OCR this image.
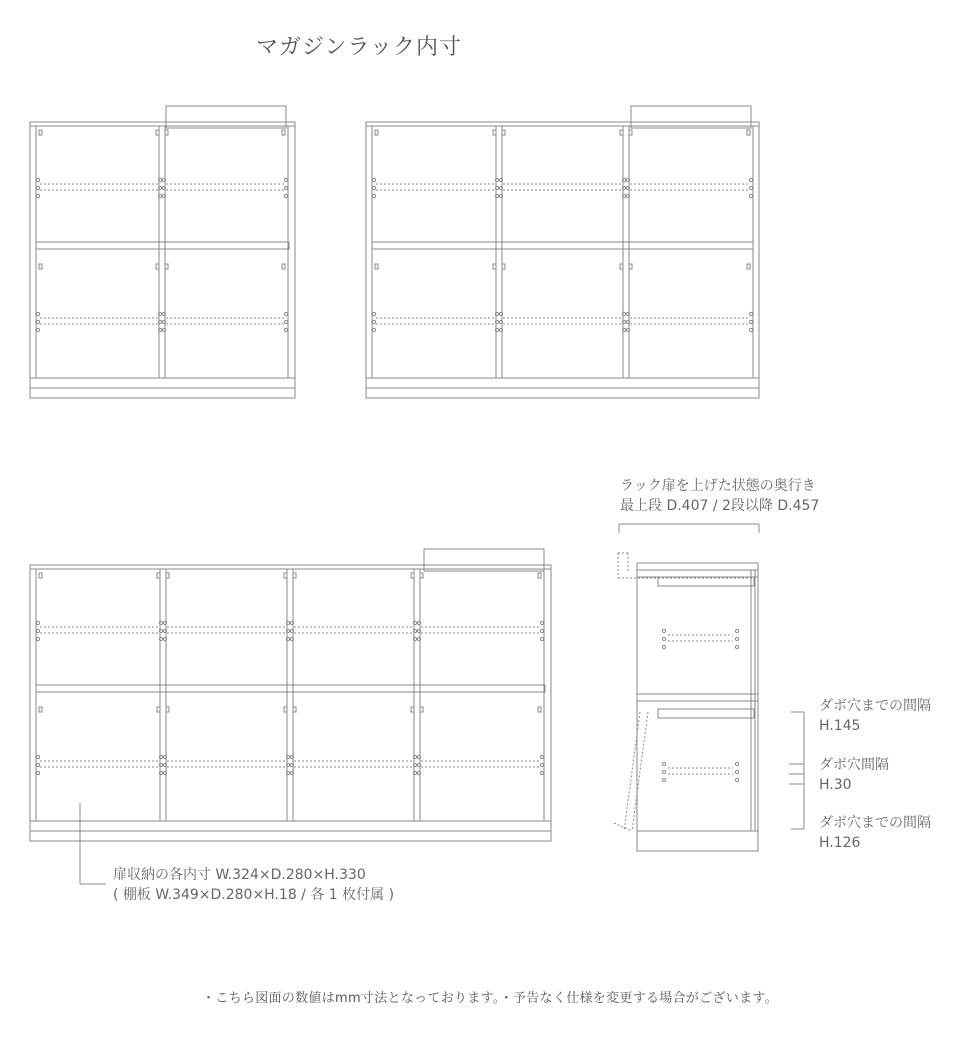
マガジンラック内寸
ラック扉を上げた状態の奥行き
最上段 D.407 / 2段以降 D.457
ダボ穴までの間隔
H.145
ダボ穴間隔
H.30
ダボ穴までの間隔
H.126
扉収納の各内寸 W.324×D.280×H.330
( 棚板 W.349×D.280×H.18 / 各 1 枚付属 )
・こちら図面の数値はmm寸法となっております。・予告なく仕様を変更する場合がございます。
